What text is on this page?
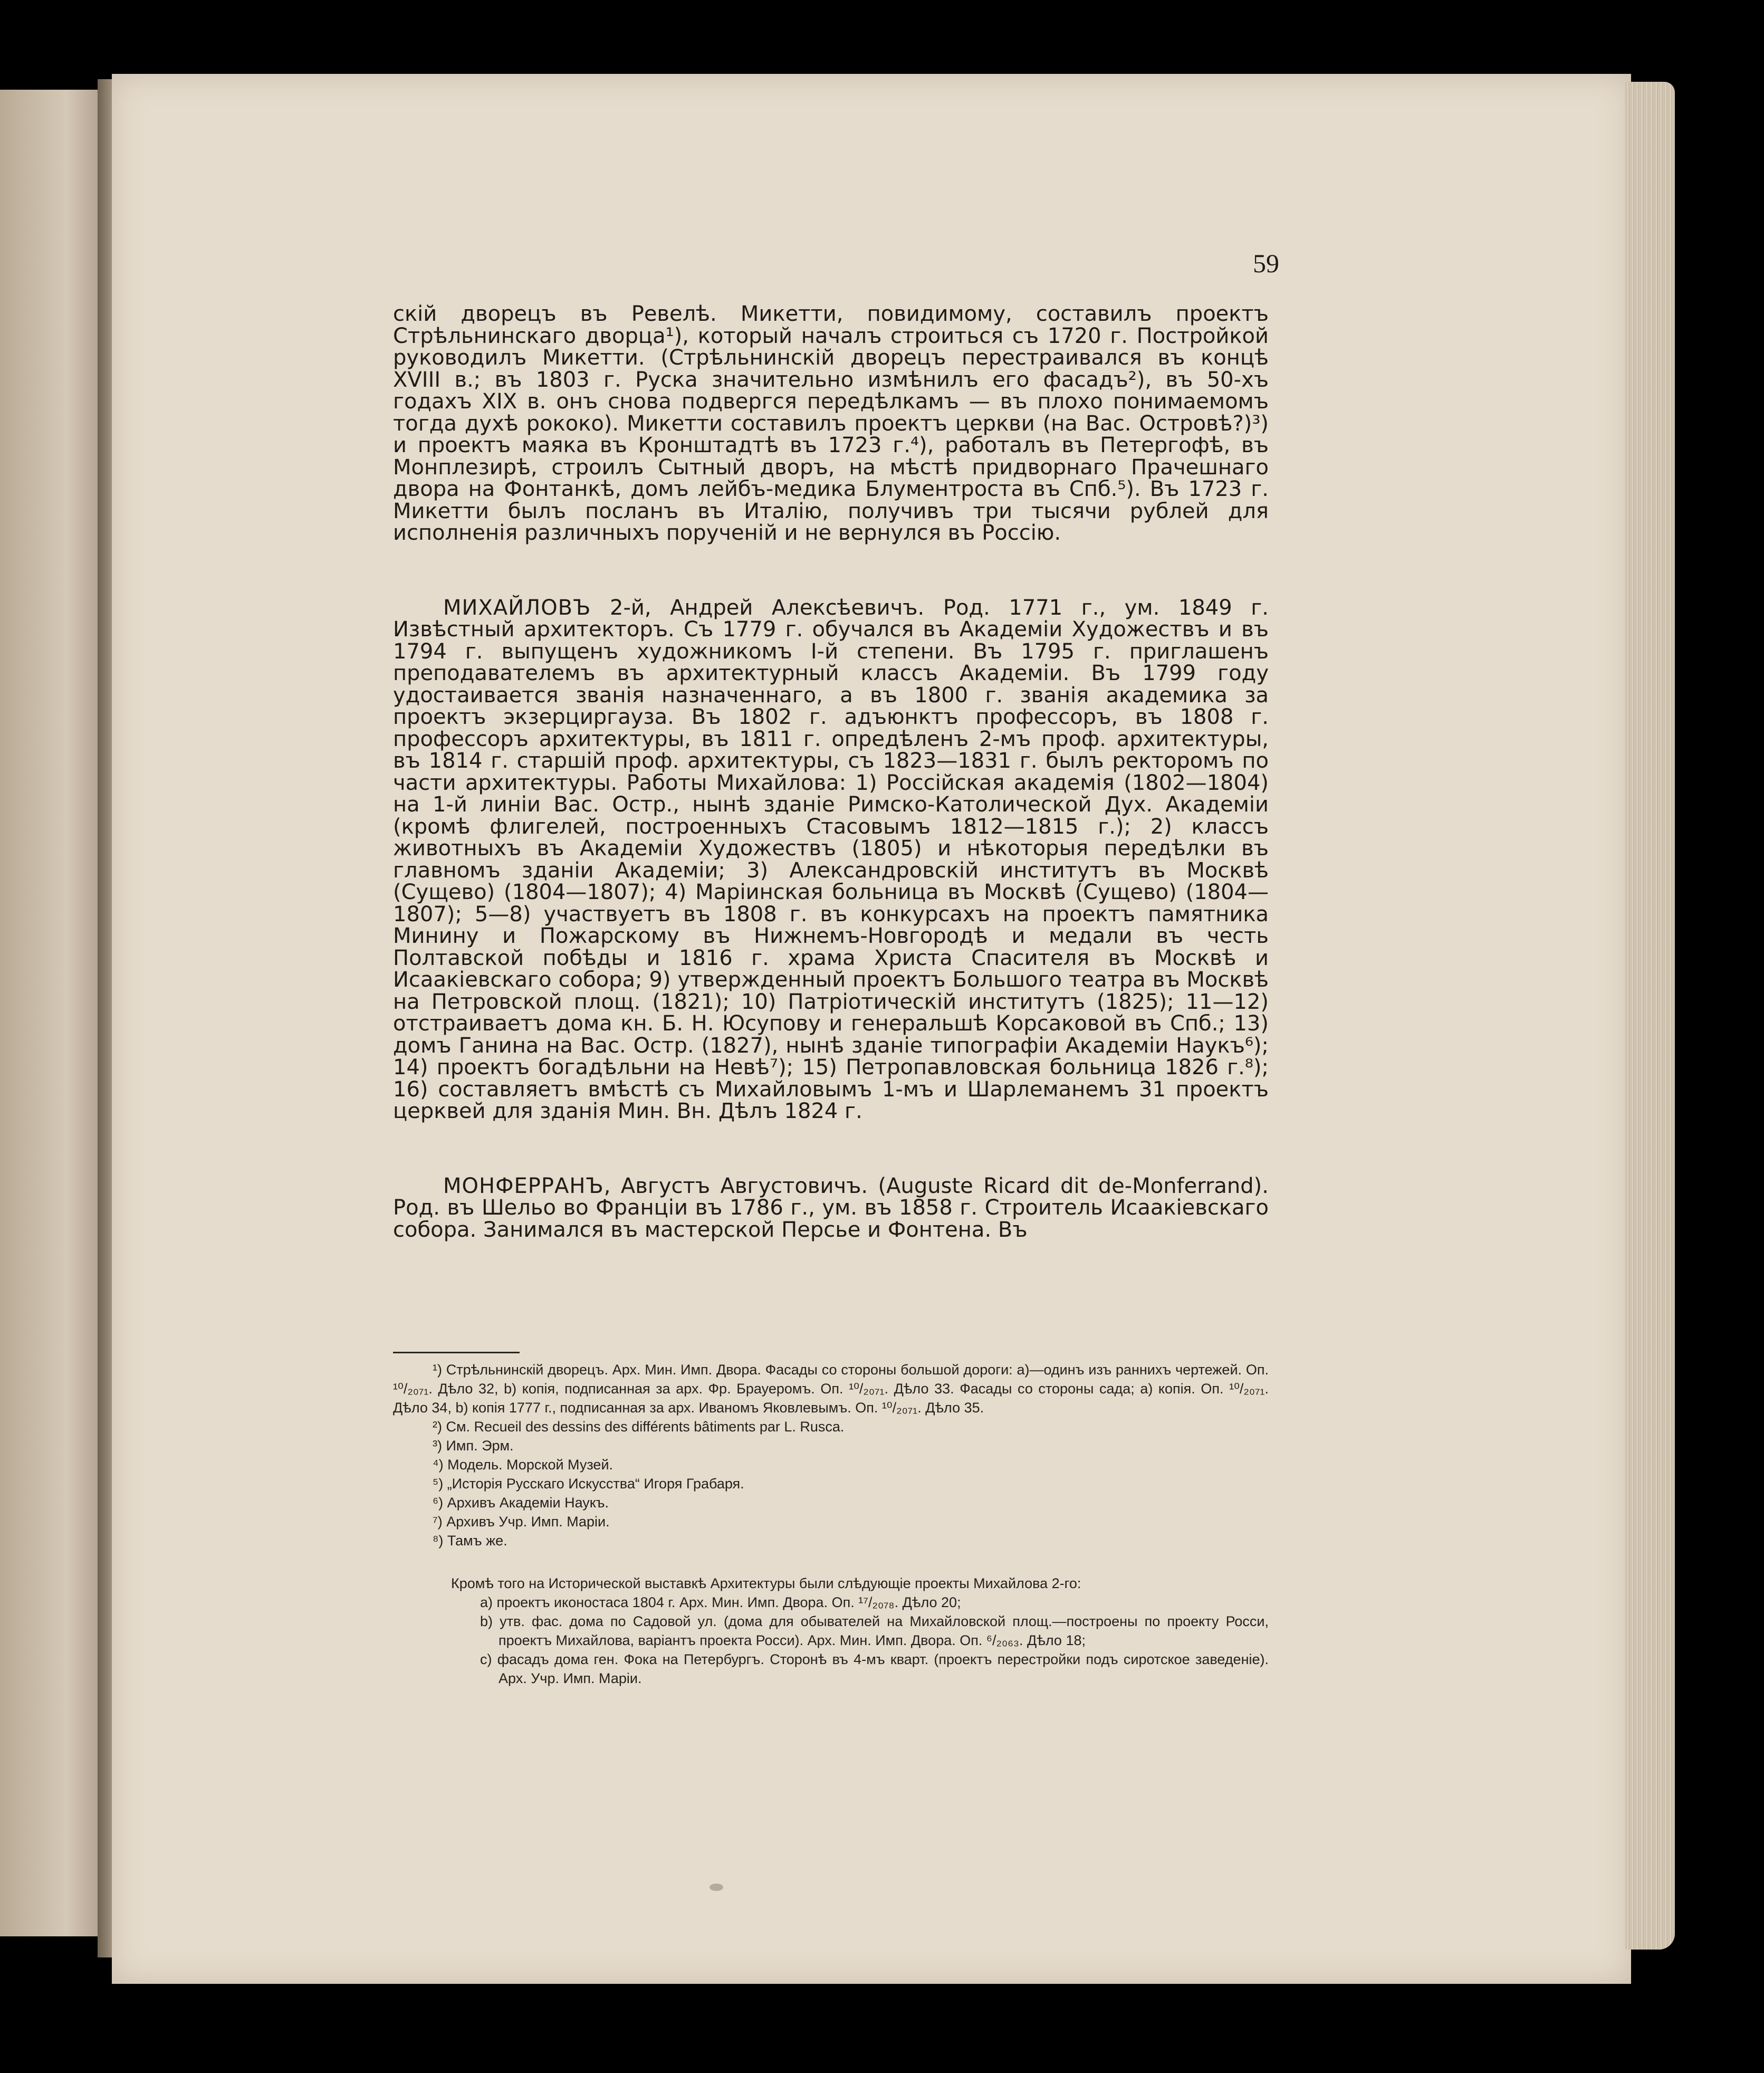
59

скій дворецъ въ Ревелѣ. Микетти, повидимому, составилъ проектъ Стрѣльнинскаго дворца¹), который началъ строиться съ 1720 г. Постройкой руководилъ Микетти. (Стрѣльнинскій дворецъ перестраивался въ концѣ XVIII в.; въ 1803 г. Руска значительно измѣнилъ его фасадъ²), въ 50-хъ годахъ XIX в. онъ снова подвергся передѣлкамъ — въ плохо понимаемомъ тогда духѣ рококо). Микетти составилъ проектъ церкви (на Вас. Островѣ?)³) и проектъ маяка въ Кронштадтѣ въ 1723 г.⁴), работалъ въ Петергофѣ, въ Монплезирѣ, строилъ Сытный дворъ, на мѣстѣ придворнаго Прачешнаго двора на Фонтанкѣ, домъ лейбъ-медика Блументроста въ Спб.⁵). Въ 1723 г. Микетти былъ посланъ въ Италію, получивъ три тысячи рублей для исполненія различныхъ порученій и не вернулся въ Россію.

МИХАЙЛОВЪ 2-й, Андрей Алексѣевичъ. Род. 1771 г., ум. 1849 г. Извѣстный архитекторъ. Съ 1779 г. обучался въ Академіи Художествъ и въ 1794 г. выпущенъ художникомъ I-й степени. Въ 1795 г. приглашенъ преподавателемъ въ архитектурный классъ Академіи. Въ 1799 году удостаивается званія назначеннаго, а въ 1800 г. званія академика за проектъ экзерциргауза. Въ 1802 г. адъюнктъ профессоръ, въ 1808 г. профессоръ архитектуры, въ 1811 г. опредѣленъ 2-мъ проф. архитектуры, въ 1814 г. старшій проф. архитектуры, съ 1823—1831 г. былъ ректоромъ по части архитектуры. Работы Михайлова: 1) Россійская академія (1802—1804) на 1-й линіи Вас. Остр., нынѣ зданіе Римско-Католической Дух. Академіи (кромѣ флигелей, построенныхъ Стасовымъ 1812—1815 г.); 2) классъ животныхъ въ Академіи Художествъ (1805) и нѣкоторыя передѣлки въ главномъ зданіи Академіи; 3) Александровскій институтъ въ Москвѣ (Сущево) (1804—1807); 4) Маріинская больница въ Москвѣ (Сущево) (1804—1807); 5—8) участвуетъ въ 1808 г. въ конкурсахъ на проектъ памятника Минину и Пожарскому въ Нижнемъ-Новгородѣ и медали въ честь Полтавской побѣды и 1816 г. храма Христа Спасителя въ Москвѣ и Исаакіевскаго собора; 9) утвержденный проектъ Большого театра въ Москвѣ на Петровской площ. (1821); 10) Патріотическій институтъ (1825); 11—12) отстраиваетъ дома кн. Б. Н. Юсупову и генеральшѣ Корсаковой въ Спб.; 13) домъ Ганина на Вас. Остр. (1827), нынѣ зданіе типографіи Академіи Наукъ⁶); 14) проектъ богадѣльни на Невѣ⁷); 15) Петропавловская больница 1826 г.⁸); 16) составляетъ вмѣстѣ съ Михайловымъ 1-мъ и Шарлеманемъ 31 проектъ церквей для зданія Мин. Вн. Дѣлъ 1824 г.

МОНФЕРРАНЪ, Августъ Августовичъ. (Auguste Ricard dit de-Monferrand). Род. въ Шельо во Франціи въ 1786 г., ум. въ 1858 г. Строитель Исаакіевскаго собора. Занимался въ мастерской Персье и Фонтена. Въ

¹) Стрѣльнинскій дворецъ. Арх. Мин. Имп. Двора. Фасады со стороны большой дороги: a)—одинъ изъ раннихъ чертежей. Оп. ¹⁰/₂₀₇₁. Дѣло 32, b) копія, подписанная за арх. Фр. Брауеромъ. Оп. ¹⁰/₂₀₇₁. Дѣло 33. Фасады со стороны сада; a) копія. Оп. ¹⁰/₂₀₇₁. Дѣло 34, b) копія 1777 г., подписанная за арх. Иваномъ Яковлевымъ. Оп. ¹⁰/₂₀₇₁. Дѣло 35.

²) См. Recueil des dessins des différents bâtiments par L. Rusca.

³) Имп. Эрм.

⁴) Модель. Морской Музей.

⁵) „Исторія Русскаго Искусства“ Игоря Грабаря.

⁶) Архивъ Академіи Наукъ.

⁷) Архивъ Учр. Имп. Маріи.

⁸) Тамъ же.

Кромѣ того на Исторической выставкѣ Архитектуры были слѣдующіе проекты Михайлова 2-го:

a) проектъ иконостаса 1804 г. Арх. Мин. Имп. Двора. Оп. ¹⁷/₂₀₇₈. Дѣло 20;

b) утв. фас. дома по Садовой ул. (дома для обывателей на Михайловской площ.—построены по проекту Росси, проектъ Михайлова, варіантъ проекта Росси). Арх. Мин. Имп. Двора. Оп. ⁶/₂₀₆₃. Дѣло 18;

c) фасадъ дома ген. Фока на Петербургъ. Сторонѣ въ 4-мъ кварт. (проектъ перестройки подъ сиротское заведеніе). Арх. Учр. Имп. Маріи.
